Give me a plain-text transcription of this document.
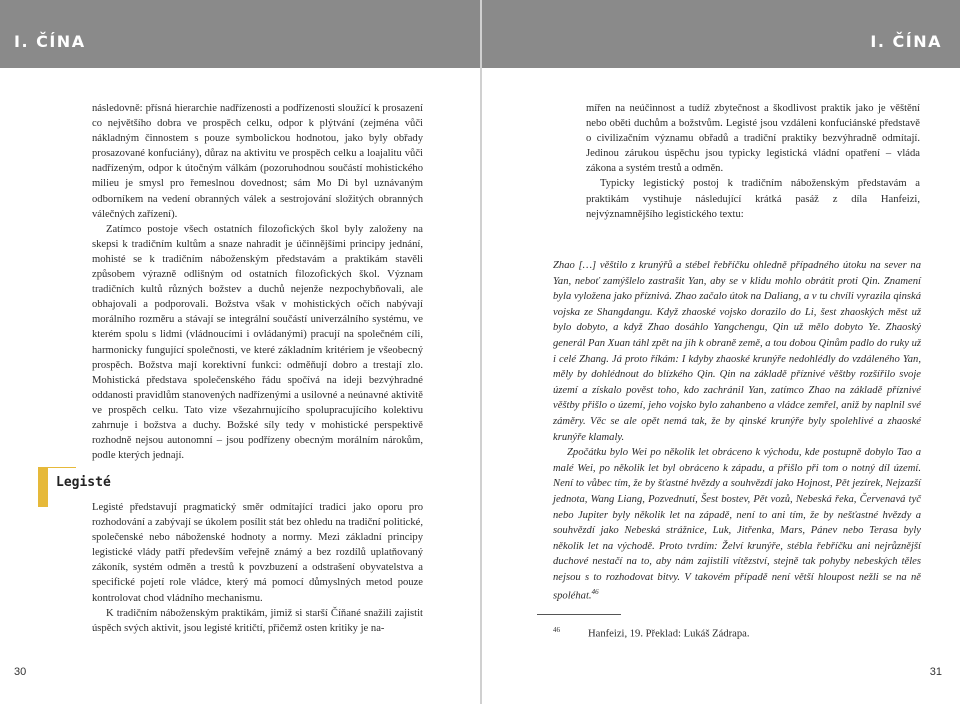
I. ČÍNA	I. ČÍNA

následovně: přísná hierarchie nadřízenosti a podřízenosti sloužící k prosazení co největšího dobra ve prospěch celku, odpor k plýtvání (zejména vůči nákladným činnostem s pouze symbolickou hodnotou, jako byly obřady prosazované konfuciány), důraz na aktivitu ve prospěch celku a loajalitu vůči nadřízeným, odpor k útočným válkám (pozoruhodnou součástí mohistického milieu je smysl pro řemeslnou dovednost; sám Mo Di byl uznávaným odborníkem na vedení obranných válek a sestrojování složitých obranných válečných zařízení).

Zatímco postoje všech ostatních filozofických škol byly založeny na skepsi k tradičním kultům a snaze nahradit je účinnějšími principy jednání, mohisté se k tradičním náboženským představám a praktikám stavěli způsobem výrazně odlišným od ostatních filozofických škol. Význam tradičních kultů různých božstev a duchů nejenže nezpochybňovali, ale obhajovali a podporovali. Božstva však v mohistických očích nabývají morálního rozměru a stávají se integrální součástí univerzálního systému, ve kterém spolu s lidmi (vládnoucími i ovládanými) pracují na společném cíli, harmonicky fungující společnosti, ve které základním kritériem je všeobecný prospěch. Božstva mají korektivní funkci: odměňují dobro a trestají zlo. Mohistická představa společenského řádu spočívá na ideji bezvýhradné oddanosti pravidlům stanovených nadřízenými a usilovné a neúnavné aktivitě ve prospěch celku. Tato vize všezahrnujícího spolupracujícího kolektivu zahrnuje i božstva a duchy. Božské síly tedy v mohistické perspektivě rozhodně nejsou autonomní – jsou podřízeny obecným morálním nárokům, podle kterých jednají.

Legisté

Legisté představují pragmatický směr odmítající tradici jako oporu pro rozhodování a zabývají se úkolem posílit stát bez ohledu na tradiční politické, společenské nebo náboženské hodnoty a normy. Mezi základní principy legistické vlády patří především veřejně známý a bez rozdílů uplatňovaný zákoník, systém odměn a trestů k povzbuzení a odstrašení obyvatelstva a specifické pojetí role vládce, který má pomocí důmyslných metod pouze kontrolovat chod vládního mechanismu.

K tradičním náboženským praktikám, jimiž si starší Číňané snažili zajistit úspěch svých aktivit, jsou legisté kritičtí, přičemž osten kritiky je na-

30

mířen na neúčinnost a tudíž zbytečnost a škodlivost praktik jako je věštění nebo oběti duchům a božstvům. Legisté jsou vzdáleni konfuciánské představě o civilizačním významu obřadů a tradiční praktiky bezvýhradně odmítají. Jedinou zárukou úspěchu jsou typicky legistická vládní opatření – vláda zákona a systém trestů a odměn.

Typicky legistický postoj k tradičním náboženským představám a praktikám vystihuje následující krátká pasáž z díla Hanfeizi, nejvýznamnějšího legistického textu:

Zhao […] věštilo z krunýřů a stébel řebříčku ohledně případného útoku na sever na Yan, neboť zamýšlelo zastrašit Yan, aby se v klidu mohlo obrátit proti Qin. Znamení byla vyložena jako příznivá. Zhao začalo útok na Daliang, a v tu chvíli vyrazila qinská vojska ze Shangdangu. Když zhaoské vojsko dorazilo do Li, šest zhaoských měst už bylo dobyto, a když Zhao dosáhlo Yangchengu, Qin už mělo dobyto Ye. Zhaoský generál Pan Xuan táhl zpět na jih k obraně země, a tou dobou Qinům padlo do ruky už i celé Zhang. Já proto říkám: I kdyby zhaoské krunýře nedohlédly do vzdáleného Yan, měly by dohlédnout do blízkého Qin. Qin na základě příznivé věštby rozšířilo svoje území a získalo pověst toho, kdo zachránil Yan, zatímco Zhao na základě příznivé věštby přišlo o území, jeho vojsko bylo zahanbeno a vládce zemřel, aniž by naplnil své záměry. Věc se ale opět nemá tak, že by qinské krunýře byly spolehlivé a zhaoské krunýře klamaly.

Zpočátku bylo Wei po několik let obráceno k východu, kde postupně dobylo Tao a malé Wei, po několik let byl obráceno k západu, a přišlo při tom o notný díl území. Není to vůbec tím, že by šťastné hvězdy a souhvězdí jako Hojnost, Pět jezírek, Nejzazší jednota, Wang Liang, Pozvednutí, Šest bostev, Pět vozů, Nebeská řeka, Červenavá tyč nebo Jupiter byly několik let na západě, není to ani tím, že by nešťastné hvězdy a souhvězdí jako Nebeská strážnice, Luk, Jitřenka, Mars, Pánev nebo Terasa byly několik let na východě. Proto tvrdím: Želví krunýře, stébla řebříčku ani nejrůznější duchové nestačí na to, aby nám zajistili vítězství, stejně tak pohyby nebeských těles nejsou s to rozhodovat bitvy. V takovém případě není větší hloupost nežli se na ně spoléhat.$^{46}$

$^{46}$	Hanfeizi, 19. Překlad: Lukáš Zádrapa.
31
